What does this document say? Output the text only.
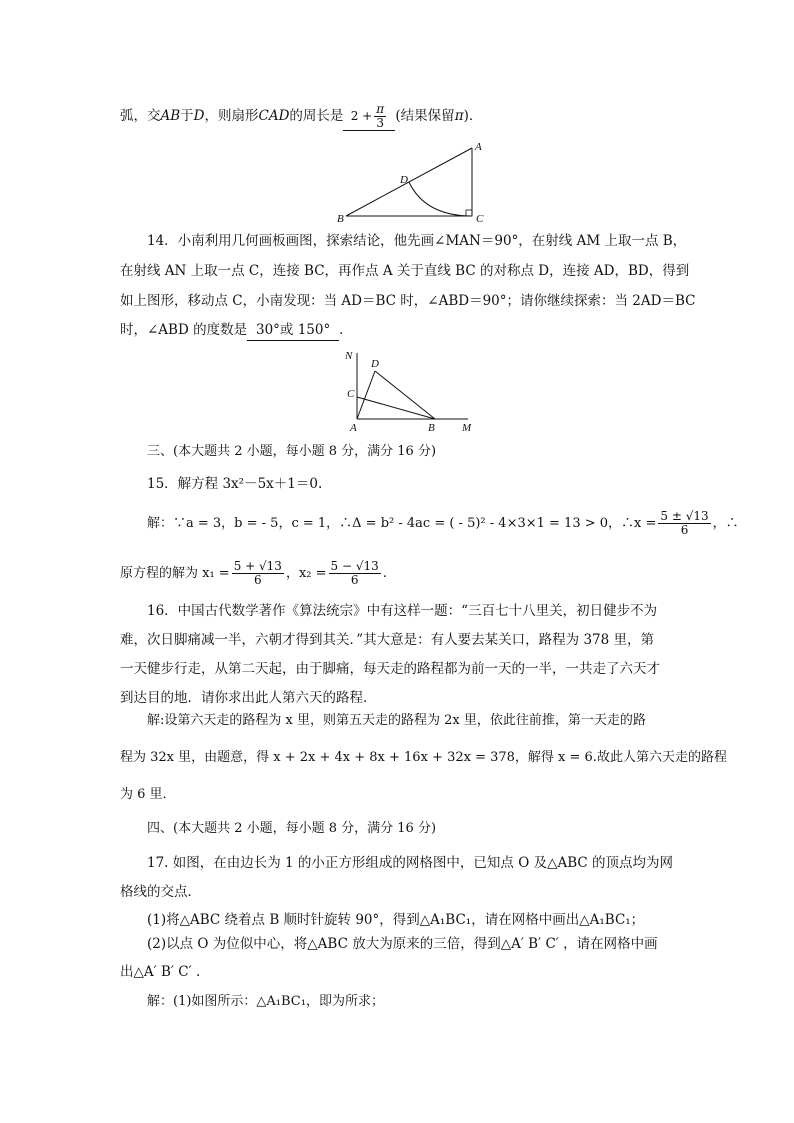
弧，交AB于D，则扇形CAD的周长是 $2 + \frac{\pi}{3}$ (结果保留π)．
A
B	C
D
14．小南利用几何画板画图，探索结论，他先画∠MAN＝90°，在射线 AM 上取一点 B，
在射线 AN 上取一点 C，连接 BC，再作点 A 关于直线 BC 的对称点 D，连接 AD，BD，得到
如上图形，移动点 C，小南发现：当 AD＝BC 时，∠ABD＝90°；请你继续探索：当 2AD＝BC
时，∠ABD 的度数是 30°或 150° ．
N
D
C
A	B M
三、(本大题共 2 小题，每小题 8 分，满分 16 分)
15．解方程 3x²－5x＋1＝0.
解：∵a = 3，b = - 5，c = 1，∴Δ = b² - 4ac = ( - 5)² - 4×3×1 = 13 > 0，∴x = $\frac{5 \pm √13}{6}$ ，∴
原方程的解为 $x_1 = \frac{5 + √13}{6}$ ，$x_2 = \frac{5 - √13}{6}$ .
16．中国古代数学著作《算法统宗》中有这样一题：“三百七十八里关，初日健步不为
难，次日脚痛减一半，六朝才得到其关．”其大意是：有人要去某关口，路程为 378 里，第
一天健步行走，从第二天起，由于脚痛，每天走的路程都为前一天的一半，一共走了六天才
到达目的地．请你求出此人第六天的路程．
解:设第六天走的路程为 x 里，则第五天走的路程为 2x 里，依此往前推，第一天走的路
程为 32x 里，由题意，得 x + 2x + 4x + 8x + 16x + 32x = 378，解得 x = 6.故此人第六天走的路程
为 6 里．
四、(本大题共 2 小题，每小题 8 分，满分 16 分)
17. 如图，在由边长为 1 的小正方形组成的网格图中，已知点 O 及△ABC 的顶点均为网
格线的交点．
(1)将△ABC 绕着点 B 顺时针旋转 90°，得到△A₁BC₁，请在网格中画出△A₁BC₁；
(2)以点 O 为位似中心，将△ABC 放大为原来的三倍，得到△A′ B′ C′ ，请在网格中画
出△A′ B′ C′ .
解：(1)如图所示：△A₁BC₁，即为所求；
